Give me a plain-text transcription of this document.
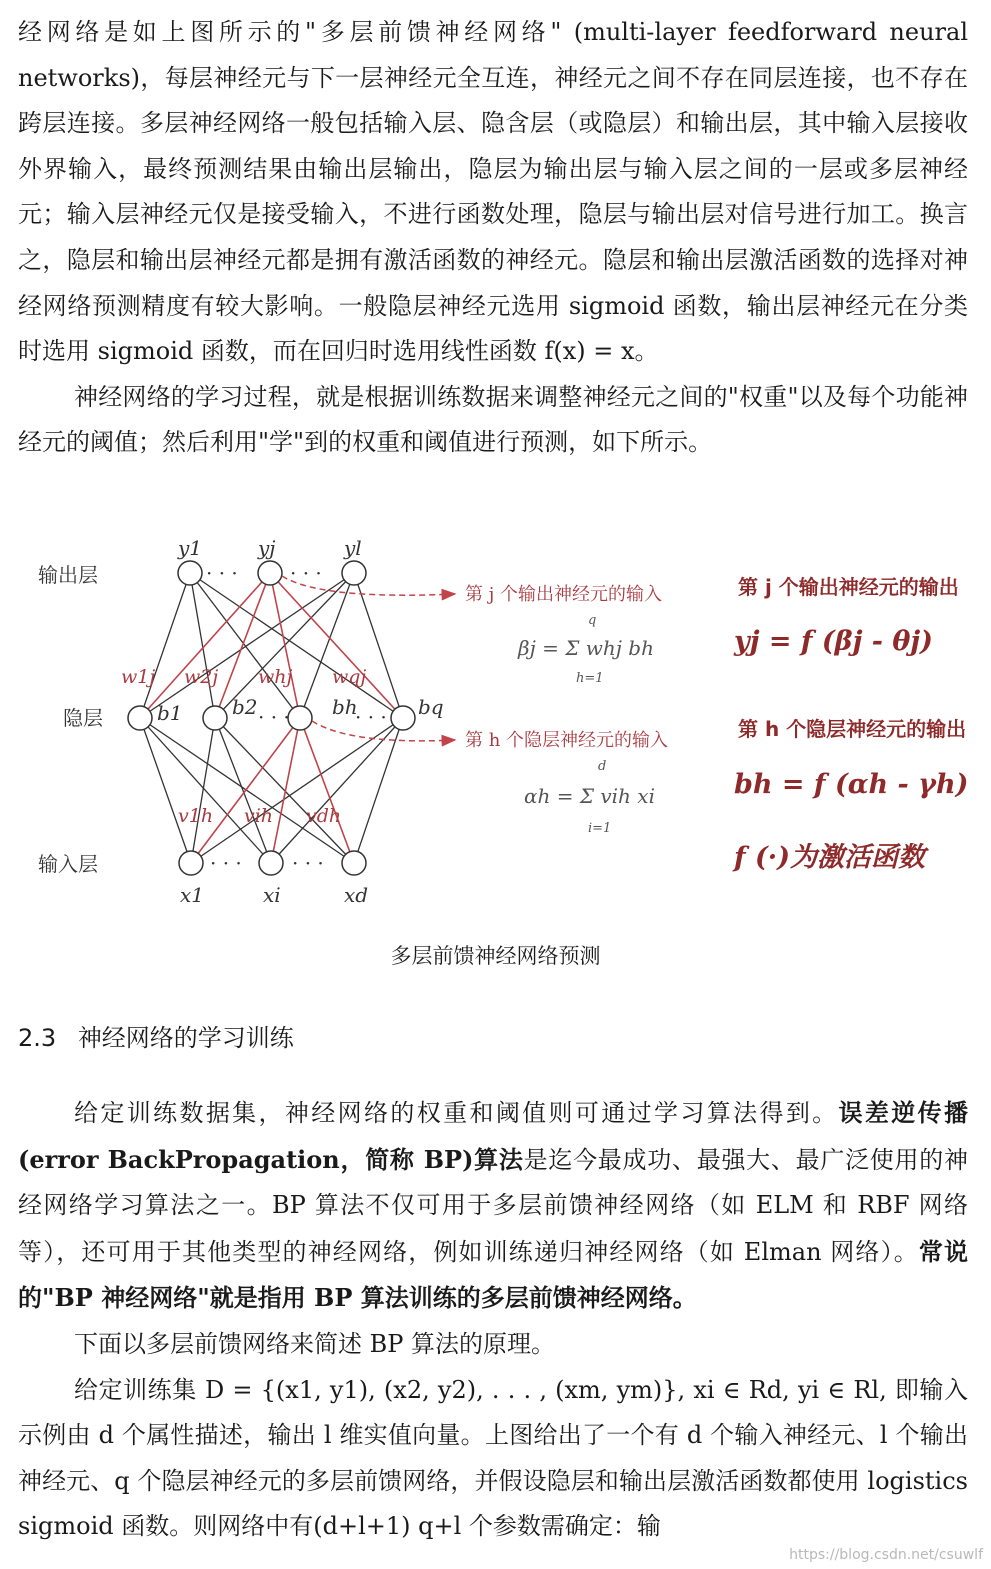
经网络是如上图所示的"多层前馈神经网络" (multi-layer feedforward neural networks)，每层神经元与下一层神经元全互连，神经元之间不存在同层连接，也不存在跨层连接。多层神经网络一般包括输入层、隐含层（或隐层）和输出层，其中输入层接收外界输入，最终预测结果由输出层输出，隐层为输出层与输入层之间的一层或多层神经元；输入层神经元仅是接受输入，不进行函数处理，隐层与输出层对信号进行加工。换言之，隐层和输出层神经元都是拥有激活函数的神经元。隐层和输出层激活函数的选择对神经网络预测精度有较大影响。一般隐层神经元选用 sigmoid 函数，输出层神经元在分类时选用 sigmoid 函数，而在回归时选用线性函数 f(x) = x。

神经网络的学习过程，就是根据训练数据来调整神经元之间的"权重"以及每个功能神经元的阈值；然后利用"学"到的权重和阈值进行预测，如下所示。

输出层
隐层
输入层
y1	yj	yl
· · ·	· · ·
b1 b2	bh	bq
· · ·	· · ·
w1j w2j whj wqj
v1h vih vdh
x1	xi	xd
· · ·	· · ·
第 j 个输出神经元的输入
第 h 个隐层神经元的输入
βj = Σ whj bh
q
h=1
αh = Σ vih xi
d
i=1
第 j 个输出神经元的输出
yj = f (βj - θj)
第 h 个隐层神经元的输出
bh = f (αh - γh)
f (·)为激活函数
多层前馈神经网络预测
2.3 神经网络的学习训练

给定训练数据集，神经网络的权重和阈值则可通过学习算法得到。误差逆传播(error BackPropagation，简称 BP)算法是迄今最成功、最强大、最广泛使用的神经网络学习算法之一。BP 算法不仅可用于多层前馈神经网络（如 ELM 和 RBF 网络等），还可用于其他类型的神经网络，例如训练递归神经网络（如 Elman 网络）。常说的"BP 神经网络"就是指用 BP 算法训练的多层前馈神经网络。

下面以多层前馈网络来简述 BP 算法的原理。

给定训练集 D = {(x1, y1), (x2, y2), . . . , (xm, ym)}, xi ∈ Rd, yi ∈ Rl, 即输入示例由 d 个属性描述，输出 l 维实值向量。上图给出了一个有 d 个输入神经元、l 个输出神经元、q 个隐层神经元的多层前馈网络，并假设隐层和输出层激活函数都使用 logistics sigmoid 函数。则网络中有(d+l+1) q+l 个参数需确定：输

https://blog.csdn.net/csuwlf
